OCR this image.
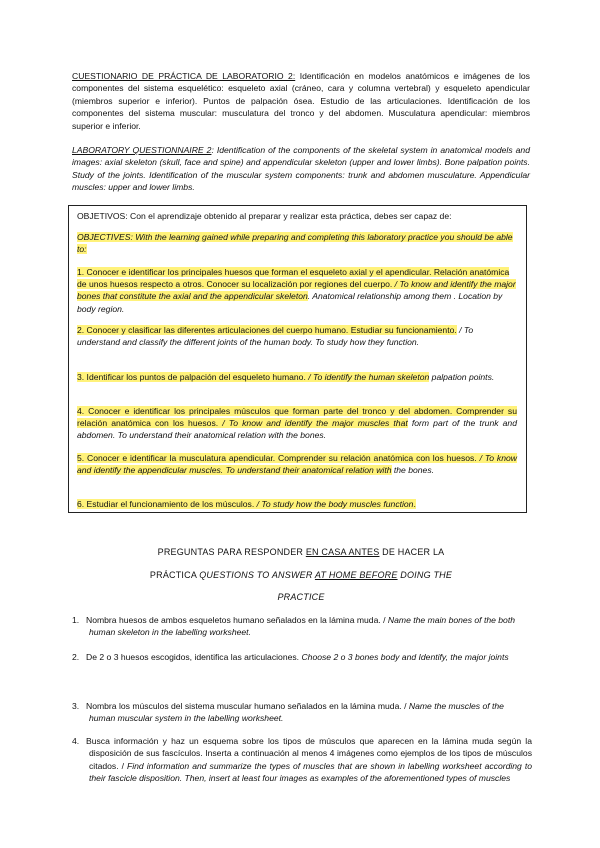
CUESTIONARIO DE PRÁCTICA DE LABORATORIO 2: Identificación en modelos anatómicos e imágenes de los componentes del sistema esquelético: esqueleto axial (cráneo, cara y columna vertebral) y esqueleto apendicular (miembros superior e inferior). Puntos de palpación ósea. Estudio de las articulaciones. Identificación de los componentes del sistema muscular: musculatura del tronco y del abdomen. Musculatura apendicular: miembros superior e inferior.
LABORATORY QUESTIONNAIRE 2: Identification of the components of the skeletal system in anatomical models and images: axial skeleton (skull, face and spine) and appendicular skeleton (upper and lower limbs). Bone palpation points. Study of the joints. Identification of the muscular system components: trunk and abdomen musculature. Appendicular muscles: upper and lower limbs.
OBJETIVOS: Con el aprendizaje obtenido al preparar y realizar esta práctica, debes ser capaz de:
OBJECTIVES: With the learning gained while preparing and completing this laboratory practice you should be able to:
1. Conocer e identificar los principales huesos que forman el esqueleto axial y el apendicular. Relación anatómica de unos huesos respecto a otros. Conocer su localización por regiones del cuerpo. / To know and identify the major bones that constitute the axial and the appendicular skeleton. Anatomical relationship among them . Location by body region.
2. Conocer y clasificar las diferentes articulaciones del cuerpo humano. Estudiar su funcionamiento. / To understand and classify the different joints of the human body. To study how they function.
3. Identificar los puntos de palpación del esqueleto humano. / To identify the human skeleton palpation points.
4. Conocer e identificar los principales músculos que forman parte del tronco y del abdomen. Comprender su relación anatómica con los huesos. / To know and identify the major muscles that form part of the trunk and abdomen. To understand their anatomical relation with the bones.
5. Conocer e identificar la musculatura apendicular. Comprender su relación anatómica con los huesos. / To know and identify the appendicular muscles. To understand their anatomical relation with the bones.
6. Estudiar el funcionamiento de los músculos. / To study how the body muscles function.
PREGUNTAS PARA RESPONDER EN CASA ANTES DE HACER LA
PRÁCTICA QUESTIONS TO ANSWER AT HOME BEFORE DOING THE
PRACTICE
1. Nombra huesos de ambos esqueletos humano señalados en la lámina muda. / Name the main bones of the both human skeleton in the labelling worksheet.
2. De 2 o 3 huesos escogidos, identifica las articulaciones. Choose 2 o 3 bones body and Identify, the major joints
3. Nombra los músculos del sistema muscular humano señalados en la lámina muda. / Name the muscles of the human muscular system in the labelling worksheet.
4. Busca información y haz un esquema sobre los tipos de músculos que aparecen en la lámina muda según la disposición de sus fascículos. Inserta a continuación al menos 4 imágenes como ejemplos de los tipos de músculos citados. / Find information and summarize the types of muscles that are shown in labelling worksheet according to their fascicle disposition. Then, insert at least four images as examples of the aforementioned types of muscles
